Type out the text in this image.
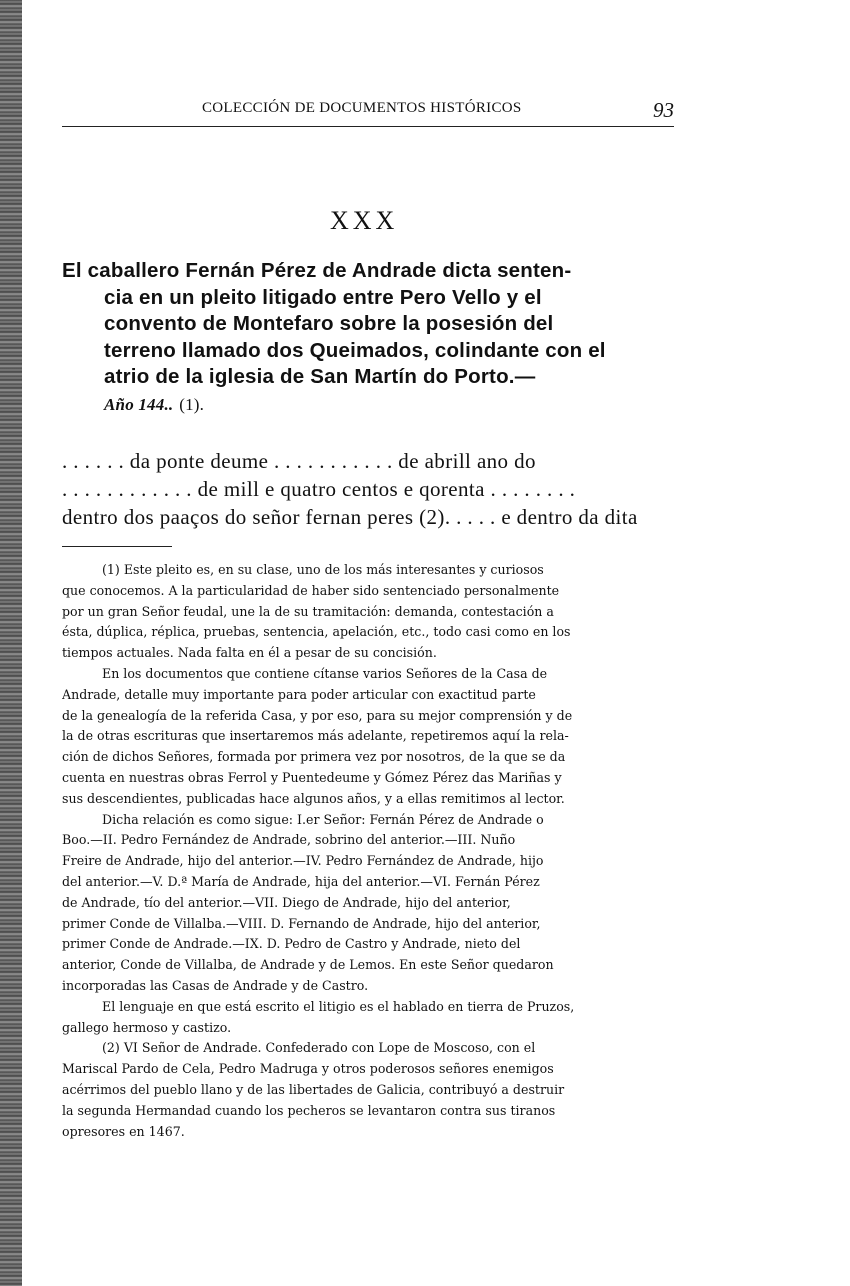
COLECCIÓN DE DOCUMENTOS HISTÓRICOS	93
XXX
El caballero Fernán Pérez de Andrade dicta senten-
cia en un pleito litigado entre Pero Vello y el
convento de Montefaro sobre la posesión del
terreno llamado dos Queimados, colindante con el
atrio de la iglesia de San Martín do Porto.—
Año 144.. (1).
. . . . . . da ponte deume . . . . . . . . . . . de abrill ano do
. . . . . . . . . . . . de mill e quatro centos e qorenta . . . . . . . .
dentro dos paaços do señor fernan peres (2). . . . . e dentro da dita
(1) Este pleito es, en su clase, uno de los más interesantes y curiosos
que conocemos. A la particularidad de haber sido sentenciado personalmente
por un gran Señor feudal, une la de su tramitación: demanda, contestación a
ésta, dúplica, réplica, pruebas, sentencia, apelación, etc., todo casi como en los
tiempos actuales. Nada falta en él a pesar de su concisión.
En los documentos que contiene cítanse varios Señores de la Casa de
Andrade, detalle muy importante para poder articular con exactitud parte
de la genealogía de la referida Casa, y por eso, para su mejor comprensión y de
la de otras escrituras que insertaremos más adelante, repetiremos aquí la rela-
ción de dichos Señores, formada por primera vez por nosotros, de la que se da
cuenta en nuestras obras Ferrol y Puentedeume y Gómez Pérez das Mariñas y
sus descendientes, publicadas hace algunos años, y a ellas remitimos al lector.
Dicha relación es como sigue: I.er Señor: Fernán Pérez de Andrade o
Boo.—II. Pedro Fernández de Andrade, sobrino del anterior.—III. Nuño
Freire de Andrade, hijo del anterior.—IV. Pedro Fernández de Andrade, hijo
del anterior.—V. D.ª María de Andrade, hija del anterior.—VI. Fernán Pérez
de Andrade, tío del anterior.—VII. Diego de Andrade, hijo del anterior,
primer Conde de Villalba.—VIII. D. Fernando de Andrade, hijo del anterior,
primer Conde de Andrade.—IX. D. Pedro de Castro y Andrade, nieto del
anterior, Conde de Villalba, de Andrade y de Lemos. En este Señor quedaron
incorporadas las Casas de Andrade y de Castro.
El lenguaje en que está escrito el litigio es el hablado en tierra de Pruzos,
gallego hermoso y castizo.
(2) VI Señor de Andrade. Confederado con Lope de Moscoso, con el
Mariscal Pardo de Cela, Pedro Madruga y otros poderosos señores enemigos
acérrimos del pueblo llano y de las libertades de Galicia, contribuyó a destruir
la segunda Hermandad cuando los pecheros se levantaron contra sus tiranos
opresores en 1467.
